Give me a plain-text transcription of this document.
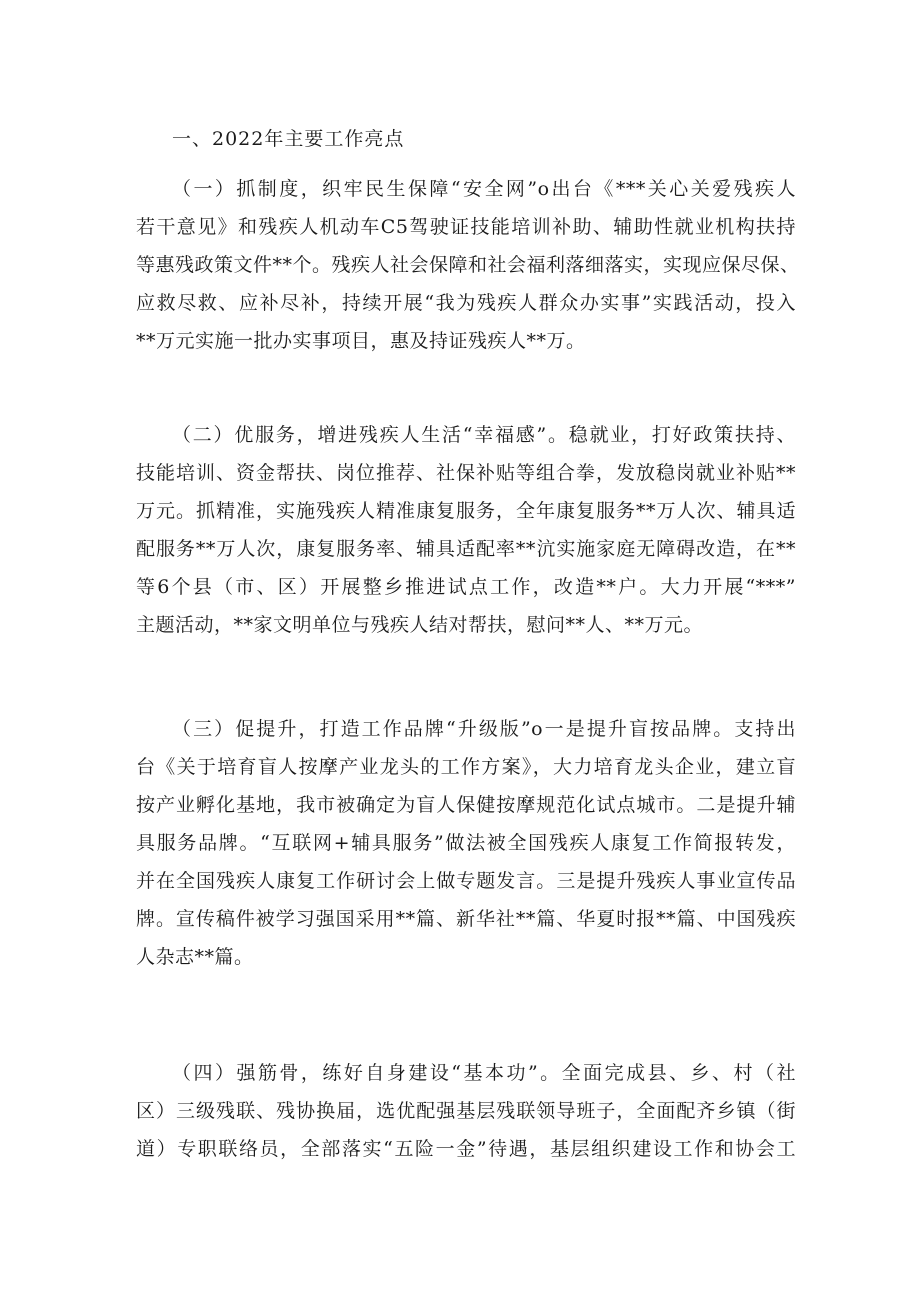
一、2022年主要工作亮点
（一）抓制度，织牢民生保障“安全网”o出台《***关心关爱残疾人
若干意见》和残疾人机动车C5驾驶证技能培训补助、辅助性就业机构扶持
等惠残政策文件**个。残疾人社会保障和社会福利落细落实，实现应保尽保、
应救尽救、应补尽补，持续开展“我为残疾人群众办实事”实践活动，投入
**万元实施一批办实事项目，惠及持证残疾人**万。
（二）优服务，增进残疾人生活“幸福感”。稳就业，打好政策扶持、
技能培训、资金帮扶、岗位推荐、社保补贴等组合拳，发放稳岗就业补贴**
万元。抓精准，实施残疾人精准康复服务，全年康复服务**万人次、辅具适
配服务**万人次，康复服务率、辅具适配率**沆实施家庭无障碍改造，在**
等6个县（市、区）开展整乡推进试点工作，改造**户。大力开展“***”
主题活动，**家文明单位与残疾人结对帮扶，慰问**人、**万元。
（三）促提升，打造工作品牌“升级版”o一是提升盲按品牌。支持出
台《关于培育盲人按摩产业龙头的工作方案》，大力培育龙头企业，建立盲
按产业孵化基地，我市被确定为盲人保健按摩规范化试点城市。二是提升辅
具服务品牌。“互联网+辅具服务”做法被全国残疾人康复工作简报转发，
并在全国残疾人康复工作研讨会上做专题发言。三是提升残疾人事业宣传品
牌。宣传稿件被学习强国采用**篇、新华社**篇、华夏时报**篇、中国残疾
人杂志**篇。
（四）强筋骨，练好自身建设“基本功”。全面完成县、乡、村（社
区）三级残联、残协换届，选优配强基层残联领导班子，全面配齐乡镇（街
道）专职联络员，全部落实“五险一金”待遇，基层组织建设工作和协会工
